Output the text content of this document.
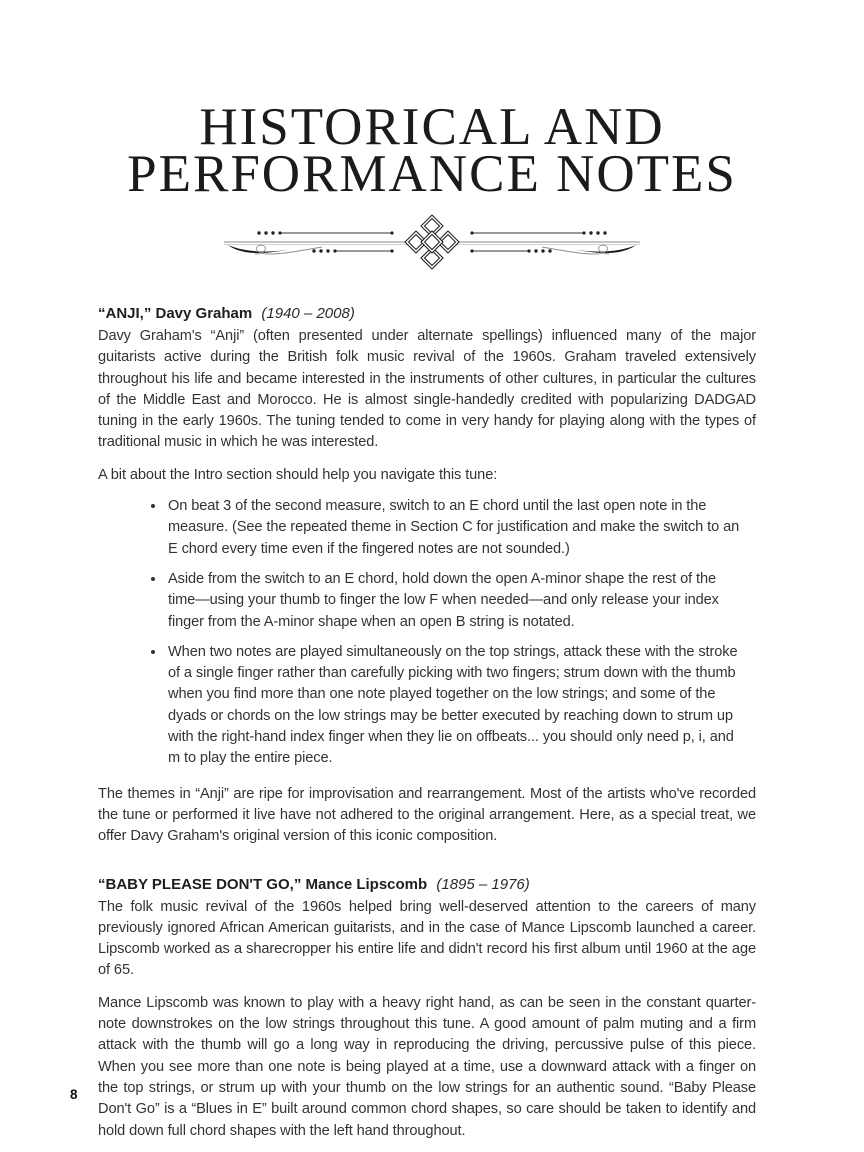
HISTORICAL AND
PERFORMANCE NOTES
“ANJI,” Davy Graham (1940 – 2008)

Davy Graham's “Anji” (often presented under alternate spellings) influenced many of the major guitarists active during the British folk music revival of the 1960s. Graham traveled extensively throughout his life and became interested in the instruments of other cultures, in particular the cultures of the Middle East and Morocco. He is almost single-handedly credited with popularizing DADGAD tuning in the early 1960s. The tuning tended to come in very handy for playing along with the types of traditional music in which he was interested.

A bit about the Intro section should help you navigate this tune:

• On beat 3 of the second measure, switch to an E chord until the last open note in the measure. (See the repeated theme in Section C for justification and make the switch to an E chord every time even if the fingered notes are not sounded.)
• Aside from the switch to an E chord, hold down the open A-minor shape the rest of the time—using your thumb to finger the low F when needed—and only release your index finger from the A-minor shape when an open B string is notated.
• When two notes are played simultaneously on the top strings, attack these with the stroke of a single finger rather than carefully picking with two fingers; strum down with the thumb when you find more than one note played together on the low strings; and some of the dyads or chords on the low strings may be better executed by reaching down to strum up with the right-hand index finger when they lie on offbeats... you should only need p, i, and m to play the entire piece.

The themes in “Anji” are ripe for improvisation and rearrangement. Most of the artists who've recorded the tune or performed it live have not adhered to the original arrangement. Here, as a special treat, we offer Davy Graham's original version of this iconic composition.

“BABY PLEASE DON'T GO,” Mance Lipscomb (1895 – 1976)

The folk music revival of the 1960s helped bring well-deserved attention to the careers of many previously ignored African American guitarists, and in the case of Mance Lipscomb launched a career. Lipscomb worked as a sharecropper his entire life and didn't record his first album until 1960 at the age of 65.

Mance Lipscomb was known to play with a heavy right hand, as can be seen in the constant quarter-note downstrokes on the low strings throughout this tune. A good amount of palm muting and a firm attack with the thumb will go a long way in reproducing the driving, percussive pulse of this piece. When you see more than one note is being played at a time, use a downward attack with a finger on the top strings, or strum up with your thumb on the low strings for an authentic sound. “Baby Please Don't Go” is a “Blues in E” built around common chord shapes, so care should be taken to identify and hold down full chord shapes with the left hand throughout.

8
